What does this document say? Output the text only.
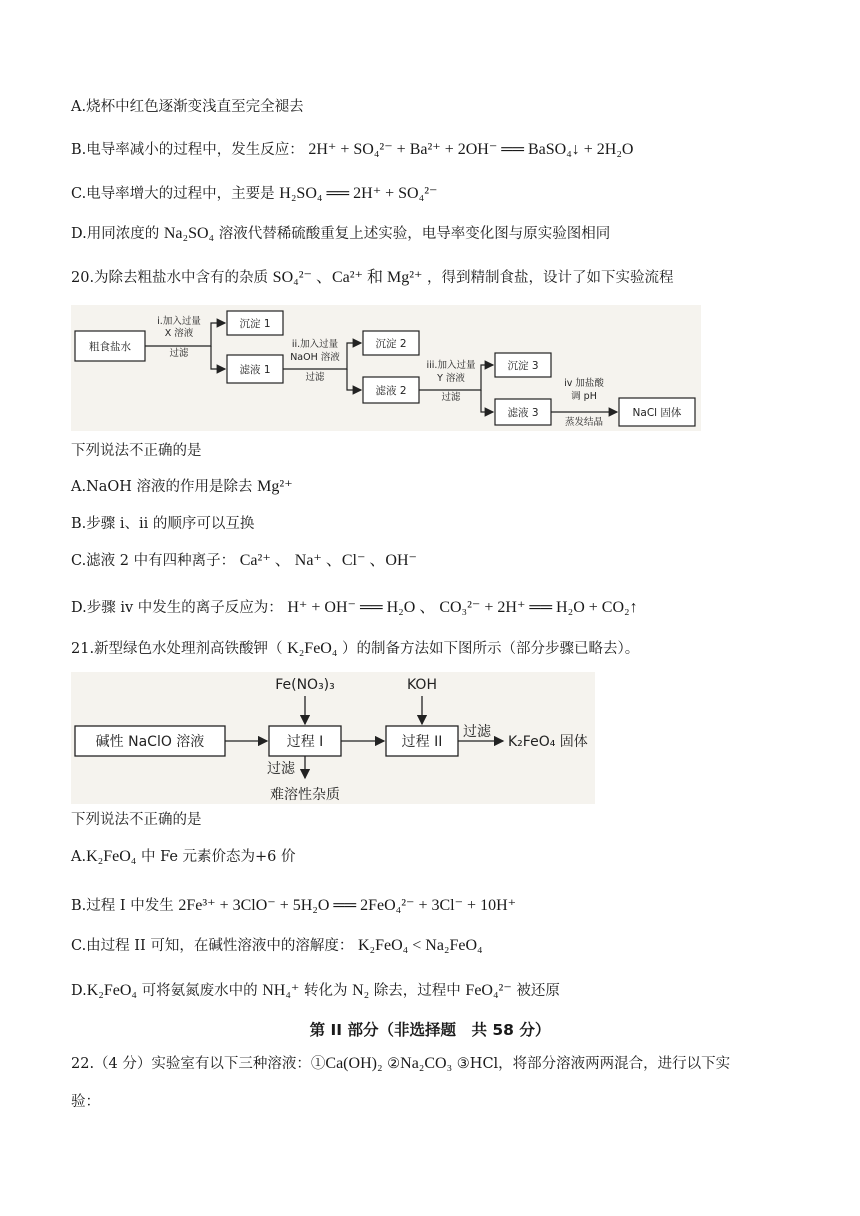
A.烧杯中红色逐渐变浅直至完全褪去
B.电导率减小的过程中，发生反应： 2H⁺ + SO₄²⁻ + Ba²⁺ + 2OH⁻ ══ BaSO₄↓ + 2H₂O
C.电导率增大的过程中，主要是 H₂SO₄ ══ 2H⁺ + SO₄²⁻
D.用同浓度的 Na₂SO₄ 溶液代替稀硫酸重复上述实验，电导率变化图与原实验图相同
20.为除去粗盐水中含有的杂质 SO₄²⁻ 、Ca²⁺ 和 Mg²⁺ ，得到精制食盐，设计了如下实验流程
粗食盐水
沉淀 1
滤液 1
沉淀 2
滤液 2
沉淀 3
滤液 3	NaCl 固体
i.加入过量
X 溶液
过滤
ii.加入过量
NaOH 溶液
过滤
iii.加入过量
Y 溶液
过滤
iv 加盐酸
调 pH
蒸发结晶
下列说法不正确的是
A.NaOH 溶液的作用是除去 Mg²⁺
B.步骤 i、ii 的顺序可以互换
C.滤液 2 中有四种离子： Ca²⁺ 、 Na⁺ 、Cl⁻ 、OH⁻
D.步骤 iv 中发生的离子反应为： H⁺ + OH⁻ ══ H₂O 、 CO₃²⁻ + 2H⁺ ══ H₂O + CO₂↑
21.新型绿色水处理剂高铁酸钾（ K₂FeO₄ ）的制备方法如下图所示（部分步骤已略去）。
碱性 NaClO 溶液
Fe(NO₃)₃
过程 I
KOH
过程 II
过滤
难溶性杂质
过滤
K₂FeO₄ 固体
下列说法不正确的是
A.K₂FeO₄ 中 Fe 元素价态为+6 价
B.过程 I 中发生 2Fe³⁺ + 3ClO⁻ + 5H₂O ══ 2FeO₄²⁻ + 3Cl⁻ + 10H⁺
C.由过程 II 可知，在碱性溶液中的溶解度： K₂FeO₄ < Na₂FeO₄
D.K₂FeO₄ 可将氨氮废水中的 NH₄⁺ 转化为 N₂ 除去，过程中 FeO₄²⁻ 被还原
第 II 部分（非选择题　共 58 分）
22.（4 分）实验室有以下三种溶液：①Ca(OH)₂ ②Na₂CO₃ ③HCl，将部分溶液两两混合，进行以下实
验：
